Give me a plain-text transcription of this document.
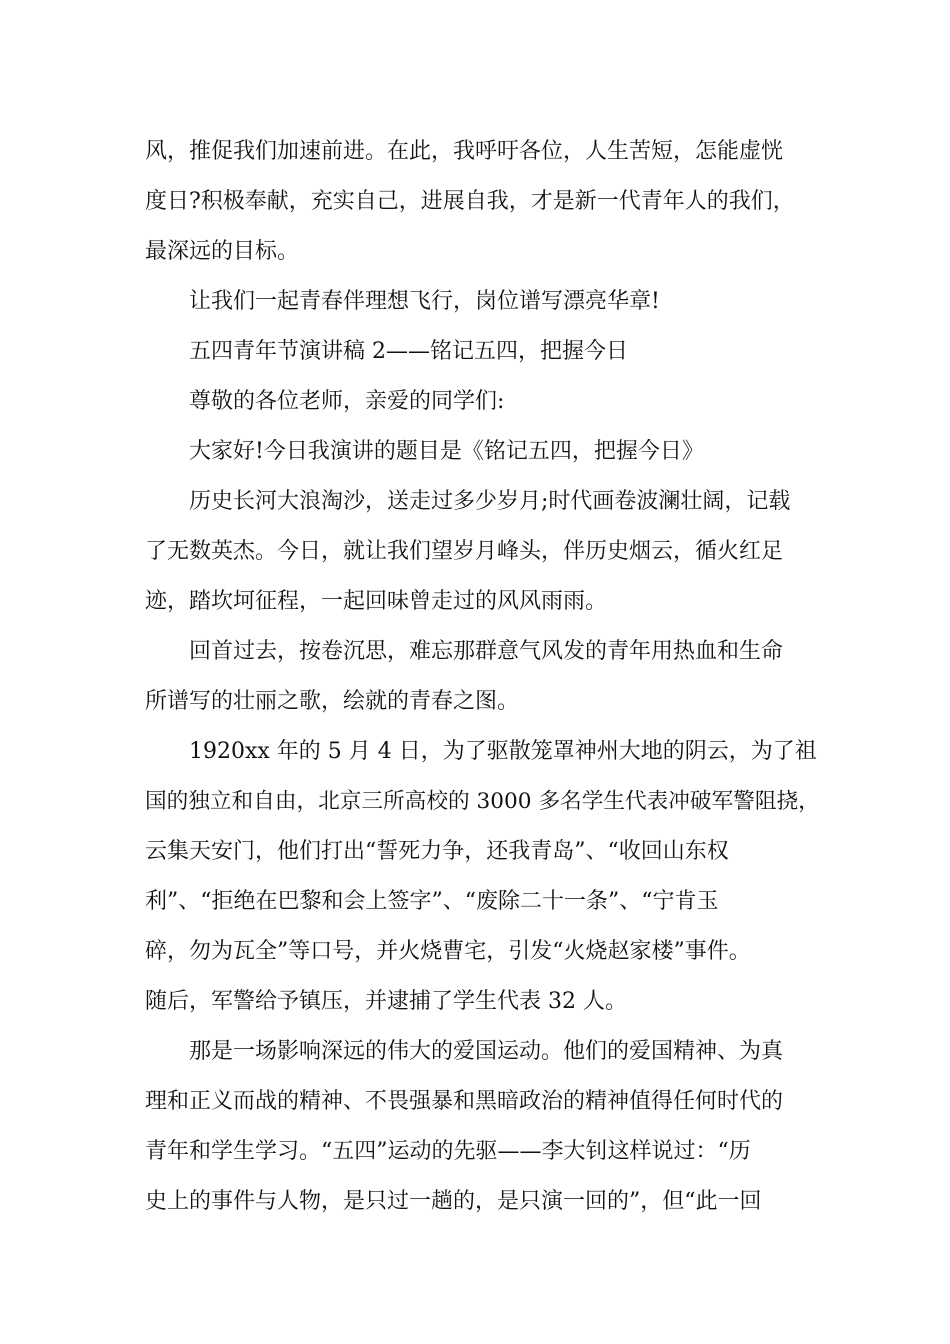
风，推促我们加速前进。在此，我呼吁各位，人生苦短，怎能虚恍

度日?积极奉献，充实自己，进展自我，才是新一代青年人的我们，

最深远的目标。

让我们一起青春伴理想飞行，岗位谱写漂亮华章!

五四青年节演讲稿 2——铭记五四，把握今日

尊敬的各位老师，亲爱的同学们:

大家好!今日我演讲的题目是《铭记五四，把握今日》

历史长河大浪淘沙，送走过多少岁月;时代画卷波澜壮阔，记载

了无数英杰。今日，就让我们望岁月峰头，伴历史烟云，循火红足

迹，踏坎坷征程，一起回味曾走过的风风雨雨。

回首过去，按卷沉思，难忘那群意气风发的青年用热血和生命

所谱写的壮丽之歌，绘就的青春之图。

1920xx 年的 5 月 4 日，为了驱散笼罩神州大地的阴云，为了祖

国的独立和自由，北京三所高校的 3000 多名学生代表冲破军警阻挠，

云集天安门，他们打出“誓死力争，还我青岛”、“收回山东权

利”、“拒绝在巴黎和会上签字”、“废除二十一条”、“宁肯玉

碎，勿为瓦全”等口号，并火烧曹宅，引发“火烧赵家楼”事件。

随后，军警给予镇压，并逮捕了学生代表 32 人。

那是一场影响深远的伟大的爱国运动。他们的爱国精神、为真

理和正义而战的精神、不畏强暴和黑暗政治的精神值得任何时代的

青年和学生学习。“五四”运动的先驱——李大钊这样说过：“历

史上的事件与人物，是只过一趟的，是只演一回的”，但“此一回
